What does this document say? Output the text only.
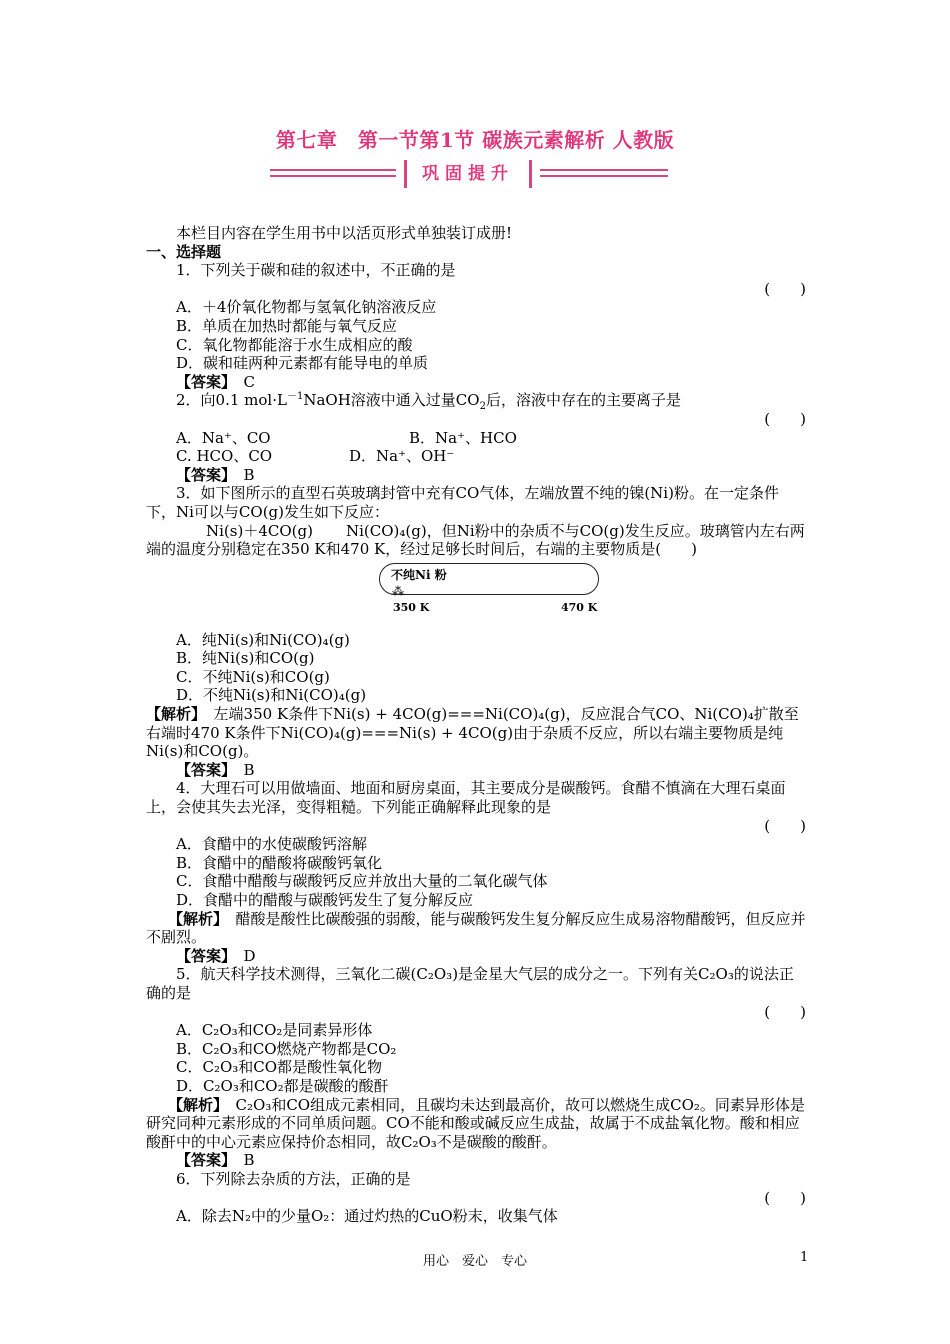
第七章　第一节第1节 碳族元素解析 人教版
巩固提升

本栏目内容在学生用书中以活页形式单独装订成册!

一、选择题

1．下列关于碳和硅的叙述中，不正确的是

(　　)

A．＋4价氧化物都与氢氧化钠溶液反应

B．单质在加热时都能与氧气反应

C．氧化物都能溶于水生成相应的酸

D．碳和硅两种元素都有能导电的单质

【答案】　 C

2．向0.1 $mol\cdot L^{-1}NaOH$溶液中通入过量$CO_2$后，溶液中存在的主要离子是

(　　)

A．Na⁺、CO	B．Na⁺、HCO

C. HCO、CO	D．Na⁺、OH⁻

【答案】　 B

3．如下图所示的直型石英玻璃封管中充有CO气体，左端放置不纯的镍(Ni)粉。在一定条件下，Ni可以与CO(g)发生如下反应：

Ni(s)＋4CO(g) Ni(CO)₄(g)，但Ni粉中的杂质不与CO(g)发生反应。玻璃管内左右两端的温度分别稳定在350 K和470 K，经过足够长时间后，右端的主要物质是(　　)

不纯Ni 粉
⁂
350 K	470 K

A．纯Ni(s)和Ni(CO)₄(g)

B．纯Ni(s)和CO(g)

C．不纯Ni(s)和CO(g)

D．不纯Ni(s)和Ni(CO)₄(g)

【解析】　 左端350 K条件下Ni(s) + 4CO(g)===Ni(CO)₄(g)，反应混合气CO、Ni(CO)₄扩散至右端时470 K条件下Ni(CO)₄(g)===Ni(s) + 4CO(g)由于杂质不反应，所以右端主要物质是纯Ni(s)和CO(g)。

【答案】　 B

4．大理石可以用做墙面、地面和厨房桌面，其主要成分是碳酸钙。食醋不慎滴在大理石桌面上，会使其失去光泽，变得粗糙。下列能正确解释此现象的是

(　　)

A．食醋中的水使碳酸钙溶解

B．食醋中的醋酸将碳酸钙氧化

C．食醋中醋酸与碳酸钙反应并放出大量的二氧化碳气体

D．食醋中的醋酸与碳酸钙发生了复分解反应

【解析】　 醋酸是酸性比碳酸强的弱酸，能与碳酸钙发生复分解反应生成易溶物醋酸钙，但反应并不剧烈。

【答案】　 D

5．航天科学技术测得，三氧化二碳(C₂O₃)是金星大气层的成分之一。下列有关C₂O₃的说法正确的是

(　　)

A．C₂O₃和CO₂是同素异形体

B．C₂O₃和CO燃烧产物都是CO₂

C．C₂O₃和CO都是酸性氧化物

D．C₂O₃和CO₂都是碳酸的酸酐

【解析】　 C₂O₃和CO组成元素相同，且碳均未达到最高价，故可以燃烧生成CO₂。同素异形体是研究同种元素形成的不同单质问题。CO不能和酸或碱反应生成盐，故属于不成盐氧化物。酸和相应酸酐中的中心元素应保持价态相同，故C₂O₃不是碳酸的酸酐。

【答案】　 B

6．下列除去杂质的方法，正确的是

(　　)

A．除去N₂中的少量O₂：通过灼热的CuO粉末，收集气体

用心　爱心　专心	1
